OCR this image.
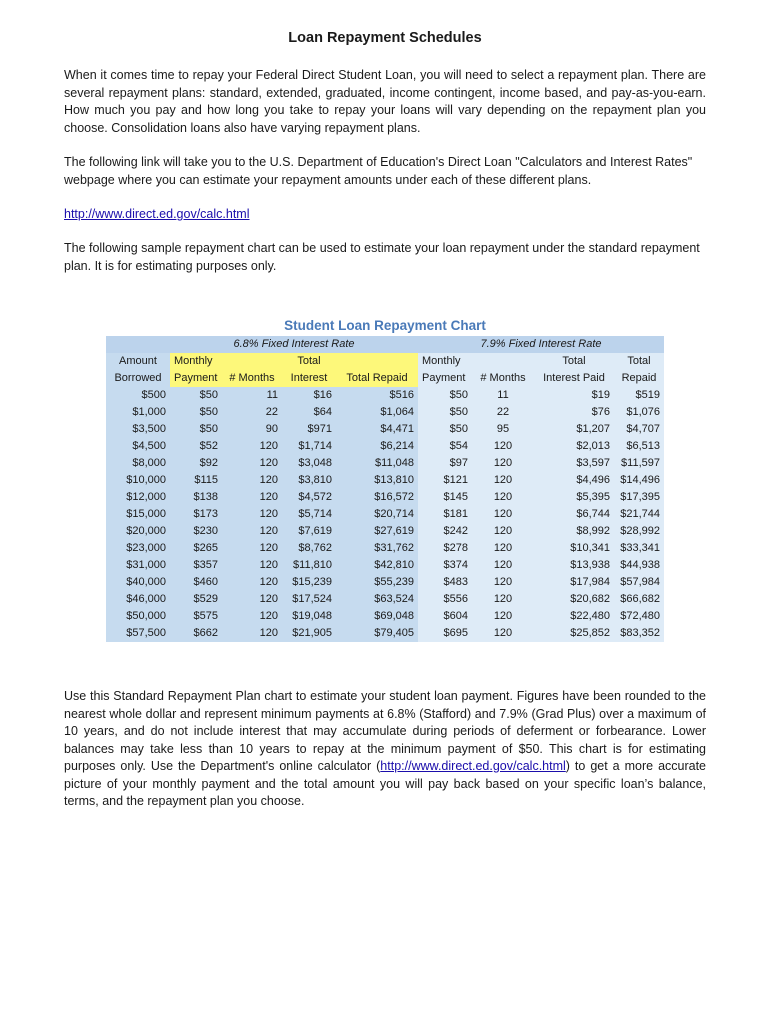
Loan Repayment Schedules

When it comes time to repay your Federal Direct Student Loan, you will need to select a repayment plan. There are several repayment plans: standard, extended, graduated, income contingent, income based, and pay-as-you-earn. How much you pay and how long you take to repay your loans will vary depending on the repayment plan you choose. Consolidation loans also have varying repayment plans.

The following link will take you to the U.S. Department of Education's Direct Loan "Calculators and Interest Rates" webpage where you can estimate your repayment amounts under each of these different plans.

http://www.direct.ed.gov/calc.html

The following sample repayment chart can be used to estimate your loan repayment under the standard repayment plan. It is for estimating purposes only.

Use this Standard Repayment Plan chart to estimate your student loan payment. Figures have been rounded to the nearest whole dollar and represent minimum payments at 6.8% (Stafford) and 7.9% (Grad Plus) over a maximum of 10 years, and do not include interest that may accumulate during periods of deferment or forbearance. Lower balances may take less than 10 years to repay at the minimum payment of $50. This chart is for estimating purposes only. Use the Department's online calculator (http://www.direct.ed.gov/calc.html) to get a more accurate picture of your monthly payment and the total amount you will pay back based on your specific loan’s balance, terms, and the repayment plan you choose.

Student Loan Repayment Chart
	6.8% Fixed Interest Rate				7.9% Fixed Interest Rate			
Amount	Monthly		Total		Monthly		Total	Total
Borrowed	Payment	# Months	Interest	Total Repaid	Payment	# Months	Interest Paid	Repaid
$500	$50	11	$16	$516	$50	11	$19	$519
$1,000	$50	22	$64	$1,064	$50	22	$76	$1,076
$3,500	$50	90	$971	$4,471	$50	95	$1,207	$4,707
$4,500	$52	120	$1,714	$6,214	$54	120	$2,013	$6,513
$8,000	$92	120	$3,048	$11,048	$97	120	$3,597	$11,597
$10,000	$115	120	$3,810	$13,810	$121	120	$4,496	$14,496
$12,000	$138	120	$4,572	$16,572	$145	120	$5,395	$17,395
$15,000	$173	120	$5,714	$20,714	$181	120	$6,744	$21,744
$20,000	$230	120	$7,619	$27,619	$242	120	$8,992	$28,992
$23,000	$265	120	$8,762	$31,762	$278	120	$10,341	$33,341
$31,000	$357	120	$11,810	$42,810	$374	120	$13,938	$44,938
$40,000	$460	120	$15,239	$55,239	$483	120	$17,984	$57,984
$46,000	$529	120	$17,524	$63,524	$556	120	$20,682	$66,682
$50,000	$575	120	$19,048	$69,048	$604	120	$22,480	$72,480
$57,500	$662	120	$21,905	$79,405	$695	120	$25,852	$83,352
